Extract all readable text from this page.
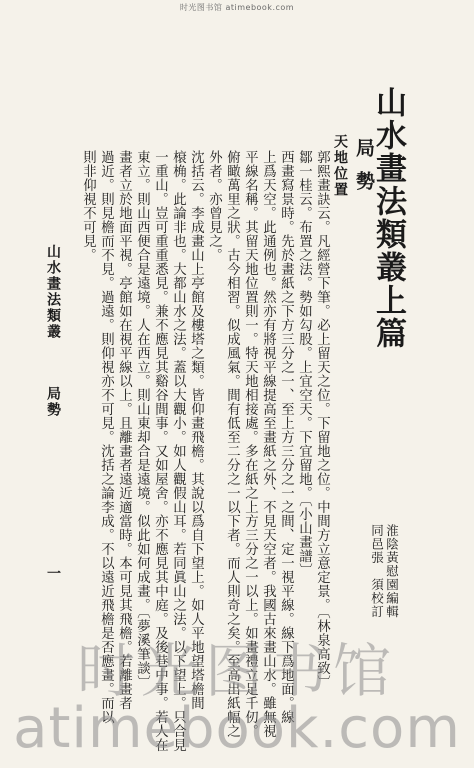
时光图书馆 atimebook.com
山水畫法類叢上篇
局勢
天地位置
淮陰黃慰園編輯
同邑張　須校訂
郭熙畫訣云。凡經營下筆。必上留天之位。下留地之位。中間方立意定景。〔林泉高致〕
鄒一桂云。布置之法。勢如勾股。上宜空天。下宜留地。〔小山畫譜〕
西畫寫景時。先於畫紙之下方三分之一、至上方三分之一之間、定一視平線。線下爲地面。線
上爲天空。此通例也。然亦有將視平線提高至畫紙之外、不見天空者。我國古來畫山水。雖無視
平線名稱。其留天地位置則一。特天地相接處。多在紙之上方三分之一以上。如畫禮立足千仞。
俯瞰萬里之狀。古今相習。似成風氣。間有低至二分之一以下者。而人則奇之矣。至高出紙幅之
外者。亦曾見之。
沈括云。李成畫山上亭館及樓塔之類。皆仰畫飛檐。其說以爲自下望上。如人平地望塔檐間
榱桷。此論非也。大都山水之法。蓋以大觀小。如人觀假山耳。若同眞山之法。以下望上。只合見
一重山。豈可重重悉見。兼不應見其谿谷間事。又如屋舍。亦不應見其中庭。及後巷中事。若人在
東立。則山西便合是遠境。人在西立。則山東却合是遠境。似此如何成畫。〔夢溪筆談〕
畫者立於地面平視。亭館如在視平線以上。且離畫者遠近適當時。本可見其飛檐。若離畫者
過近。則見檐而不見。過遠。則仰視亦不可見。沈括之論李成。不以遠近飛檐是否應畫。而以
則非仰視不可見。
山水畫法類叢
局勢
一
时光图书馆
atimebook.com
